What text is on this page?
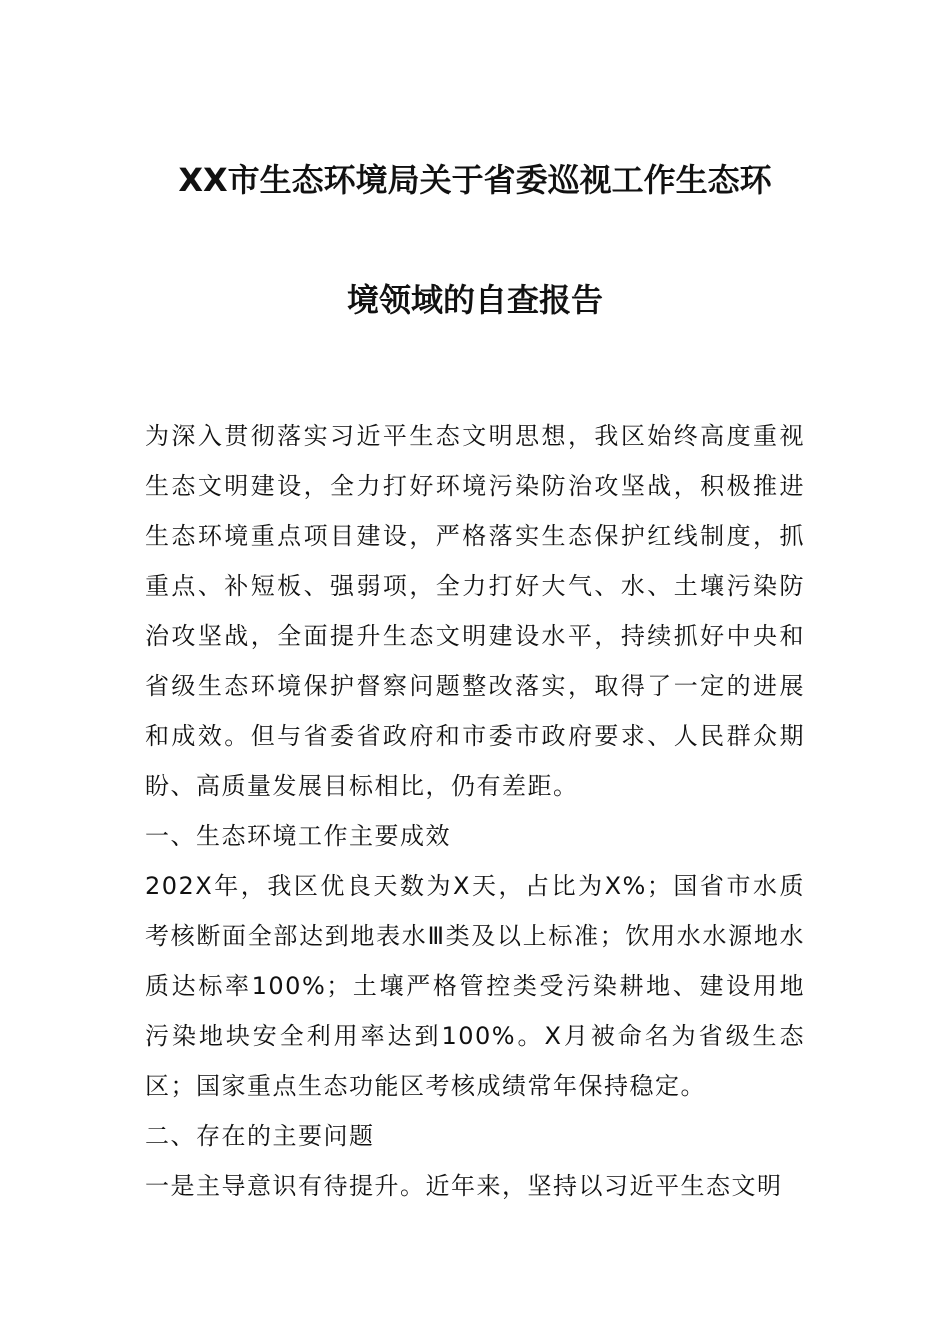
XX市生态环境局关于省委巡视工作生态环
境领域的自查报告

为深入贯彻落实习近平生态文明思想，我区始终高度重视生态文明建设，全力打好环境污染防治攻坚战，积极推进生态环境重点项目建设，严格落实生态保护红线制度，抓重点、补短板、强弱项，全力打好大气、水、土壤污染防治攻坚战，全面提升生态文明建设水平，持续抓好中央和省级生态环境保护督察问题整改落实，取得了一定的进展和成效。但与省委省政府和市委市政府要求、人民群众期盼、高质量发展目标相比，仍有差距。

一、生态环境工作主要成效

202X年，我区优良天数为X天，占比为X%；国省市水质考核断面全部达到地表水Ⅲ类及以上标准；饮用水水源地水质达标率100%；土壤严格管控类受污染耕地、建设用地污染地块安全利用率达到100%。X月被命名为省级生态区；国家重点生态功能区考核成绩常年保持稳定。

二、存在的主要问题

一是主导意识有待提升。近年来，坚持以习近平生态文明
